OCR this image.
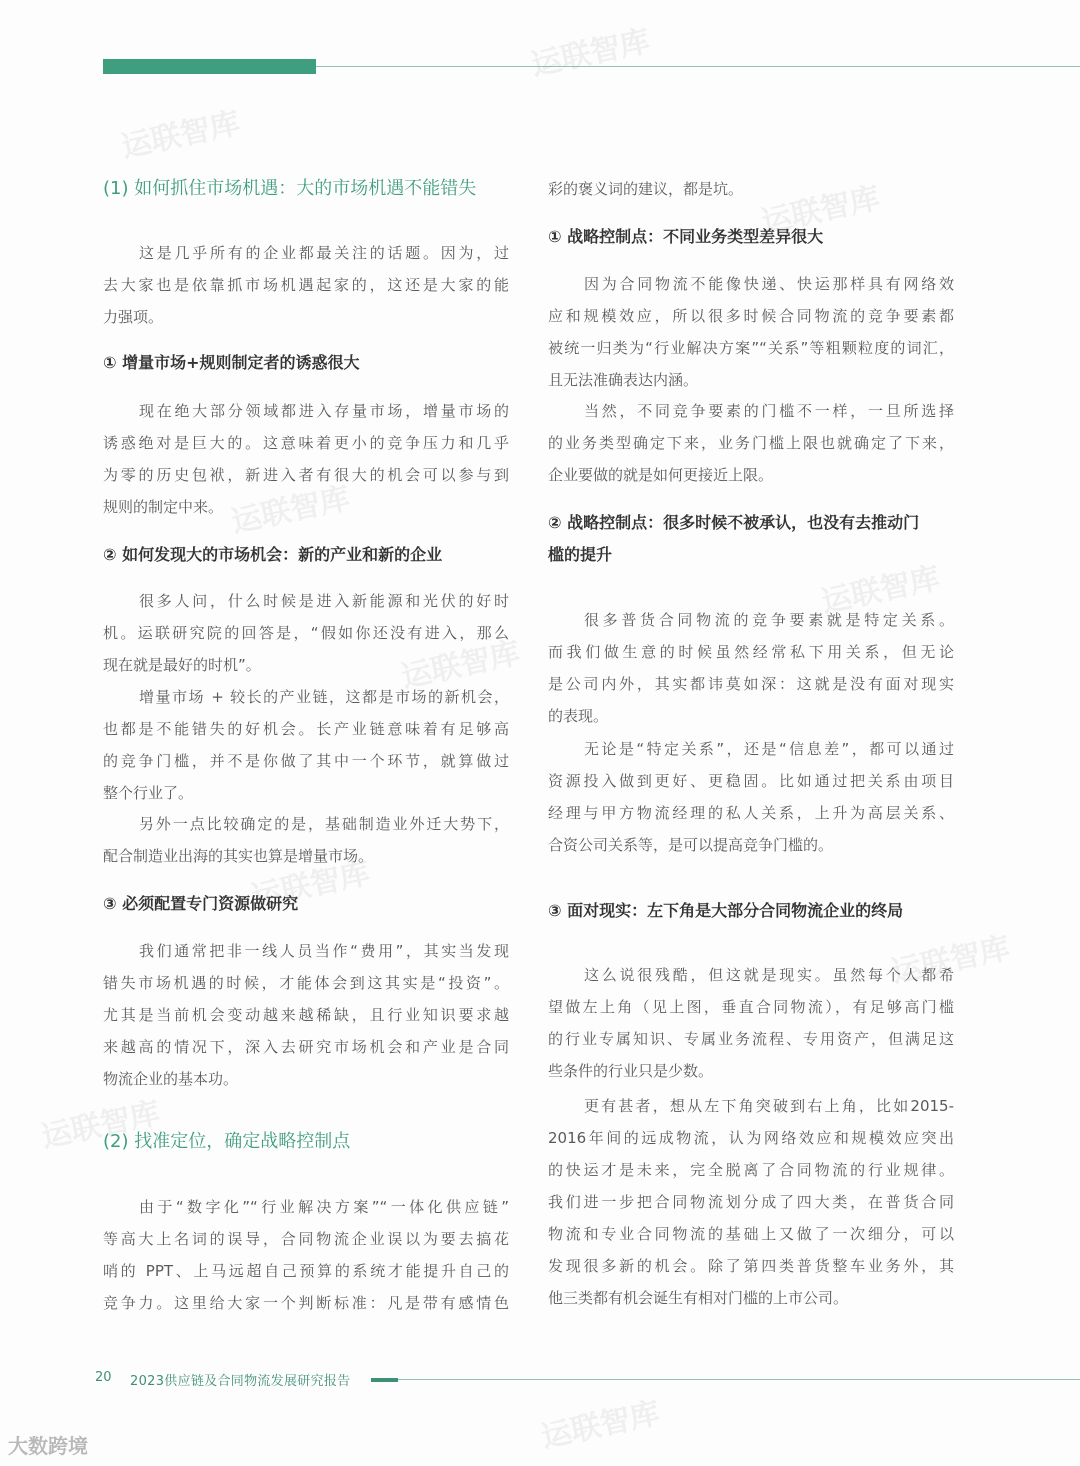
运联智库
运联智库
运联智库
运联智库
运联智库
运联智库
运联智库
运联智库
运联智库
运联智库
(1) 如何抓住市场机遇：大的市场机遇不能错失
这是几乎所有的企业都最关注的话题。因为，过
去大家也是依靠抓市场机遇起家的，这还是大家的能
力强项。
① 增量市场+规则制定者的诱惑很大
现在绝大部分领域都进入存量市场，增量市场的
诱惑绝对是巨大的。这意味着更小的竞争压力和几乎
为零的历史包袱，新进入者有很大的机会可以参与到
规则的制定中来。
② 如何发现大的市场机会：新的产业和新的企业
很多人问，什么时候是进入新能源和光伏的好时
机。运联研究院的回答是，“假如你还没有进入，那么
现在就是最好的时机”。
增量市场 + 较长的产业链，这都是市场的新机会，
也都是不能错失的好机会。长产业链意味着有足够高
的竞争门槛，并不是你做了其中一个环节，就算做过
整个行业了。
另外一点比较确定的是，基础制造业外迁大势下，
配合制造业出海的其实也算是增量市场。
③ 必须配置专门资源做研究
我们通常把非一线人员当作“费用”，其实当发现
错失市场机遇的时候，才能体会到这其实是“投资”。
尤其是当前机会变动越来越稀缺，且行业知识要求越
来越高的情况下，深入去研究市场机会和产业是合同
物流企业的基本功。
(2) 找准定位，确定战略控制点
由于“数字化”“行业解决方案”“一体化供应链”
等高大上名词的误导，合同物流企业误以为要去搞花
哨的 PPT、上马远超自己预算的系统才能提升自己的
竞争力。这里给大家一个判断标准：凡是带有感情色
彩的褒义词的建议，都是坑。
① 战略控制点：不同业务类型差异很大
因为合同物流不能像快递、快运那样具有网络效
应和规模效应，所以很多时候合同物流的竞争要素都
被统一归类为“行业解决方案”“关系”等粗颗粒度的词汇，
且无法准确表达内涵。
当然，不同竞争要素的门槛不一样，一旦所选择
的业务类型确定下来，业务门槛上限也就确定了下来，
企业要做的就是如何更接近上限。
② 战略控制点：很多时候不被承认，也没有去推动门
槛的提升
很多普货合同物流的竞争要素就是特定关系。
而我们做生意的时候虽然经常私下用关系，但无论
是公司内外，其实都讳莫如深：这就是没有面对现实
的表现。
无论是“特定关系”，还是“信息差”，都可以通过
资源投入做到更好、更稳固。比如通过把关系由项目
经理与甲方物流经理的私人关系，上升为高层关系、
合资公司关系等，是可以提高竞争门槛的。
③ 面对现实：左下角是大部分合同物流企业的终局
这么说很残酷，但这就是现实。虽然每个人都希
望做左上角（见上图，垂直合同物流），有足够高门槛
的行业专属知识、专属业务流程、专用资产，但满足这
些条件的行业只是少数。
更有甚者，想从左下角突破到右上角，比如2015-
2016年间的远成物流，认为网络效应和规模效应突出
的快运才是未来，完全脱离了合同物流的行业规律。
我们进一步把合同物流划分成了四大类，在普货合同
物流和专业合同物流的基础上又做了一次细分，可以
发现很多新的机会。除了第四类普货整车业务外，其
他三类都有机会诞生有相对门槛的上市公司。
20 2023供应链及合同物流发展研究报告
大数跨境
